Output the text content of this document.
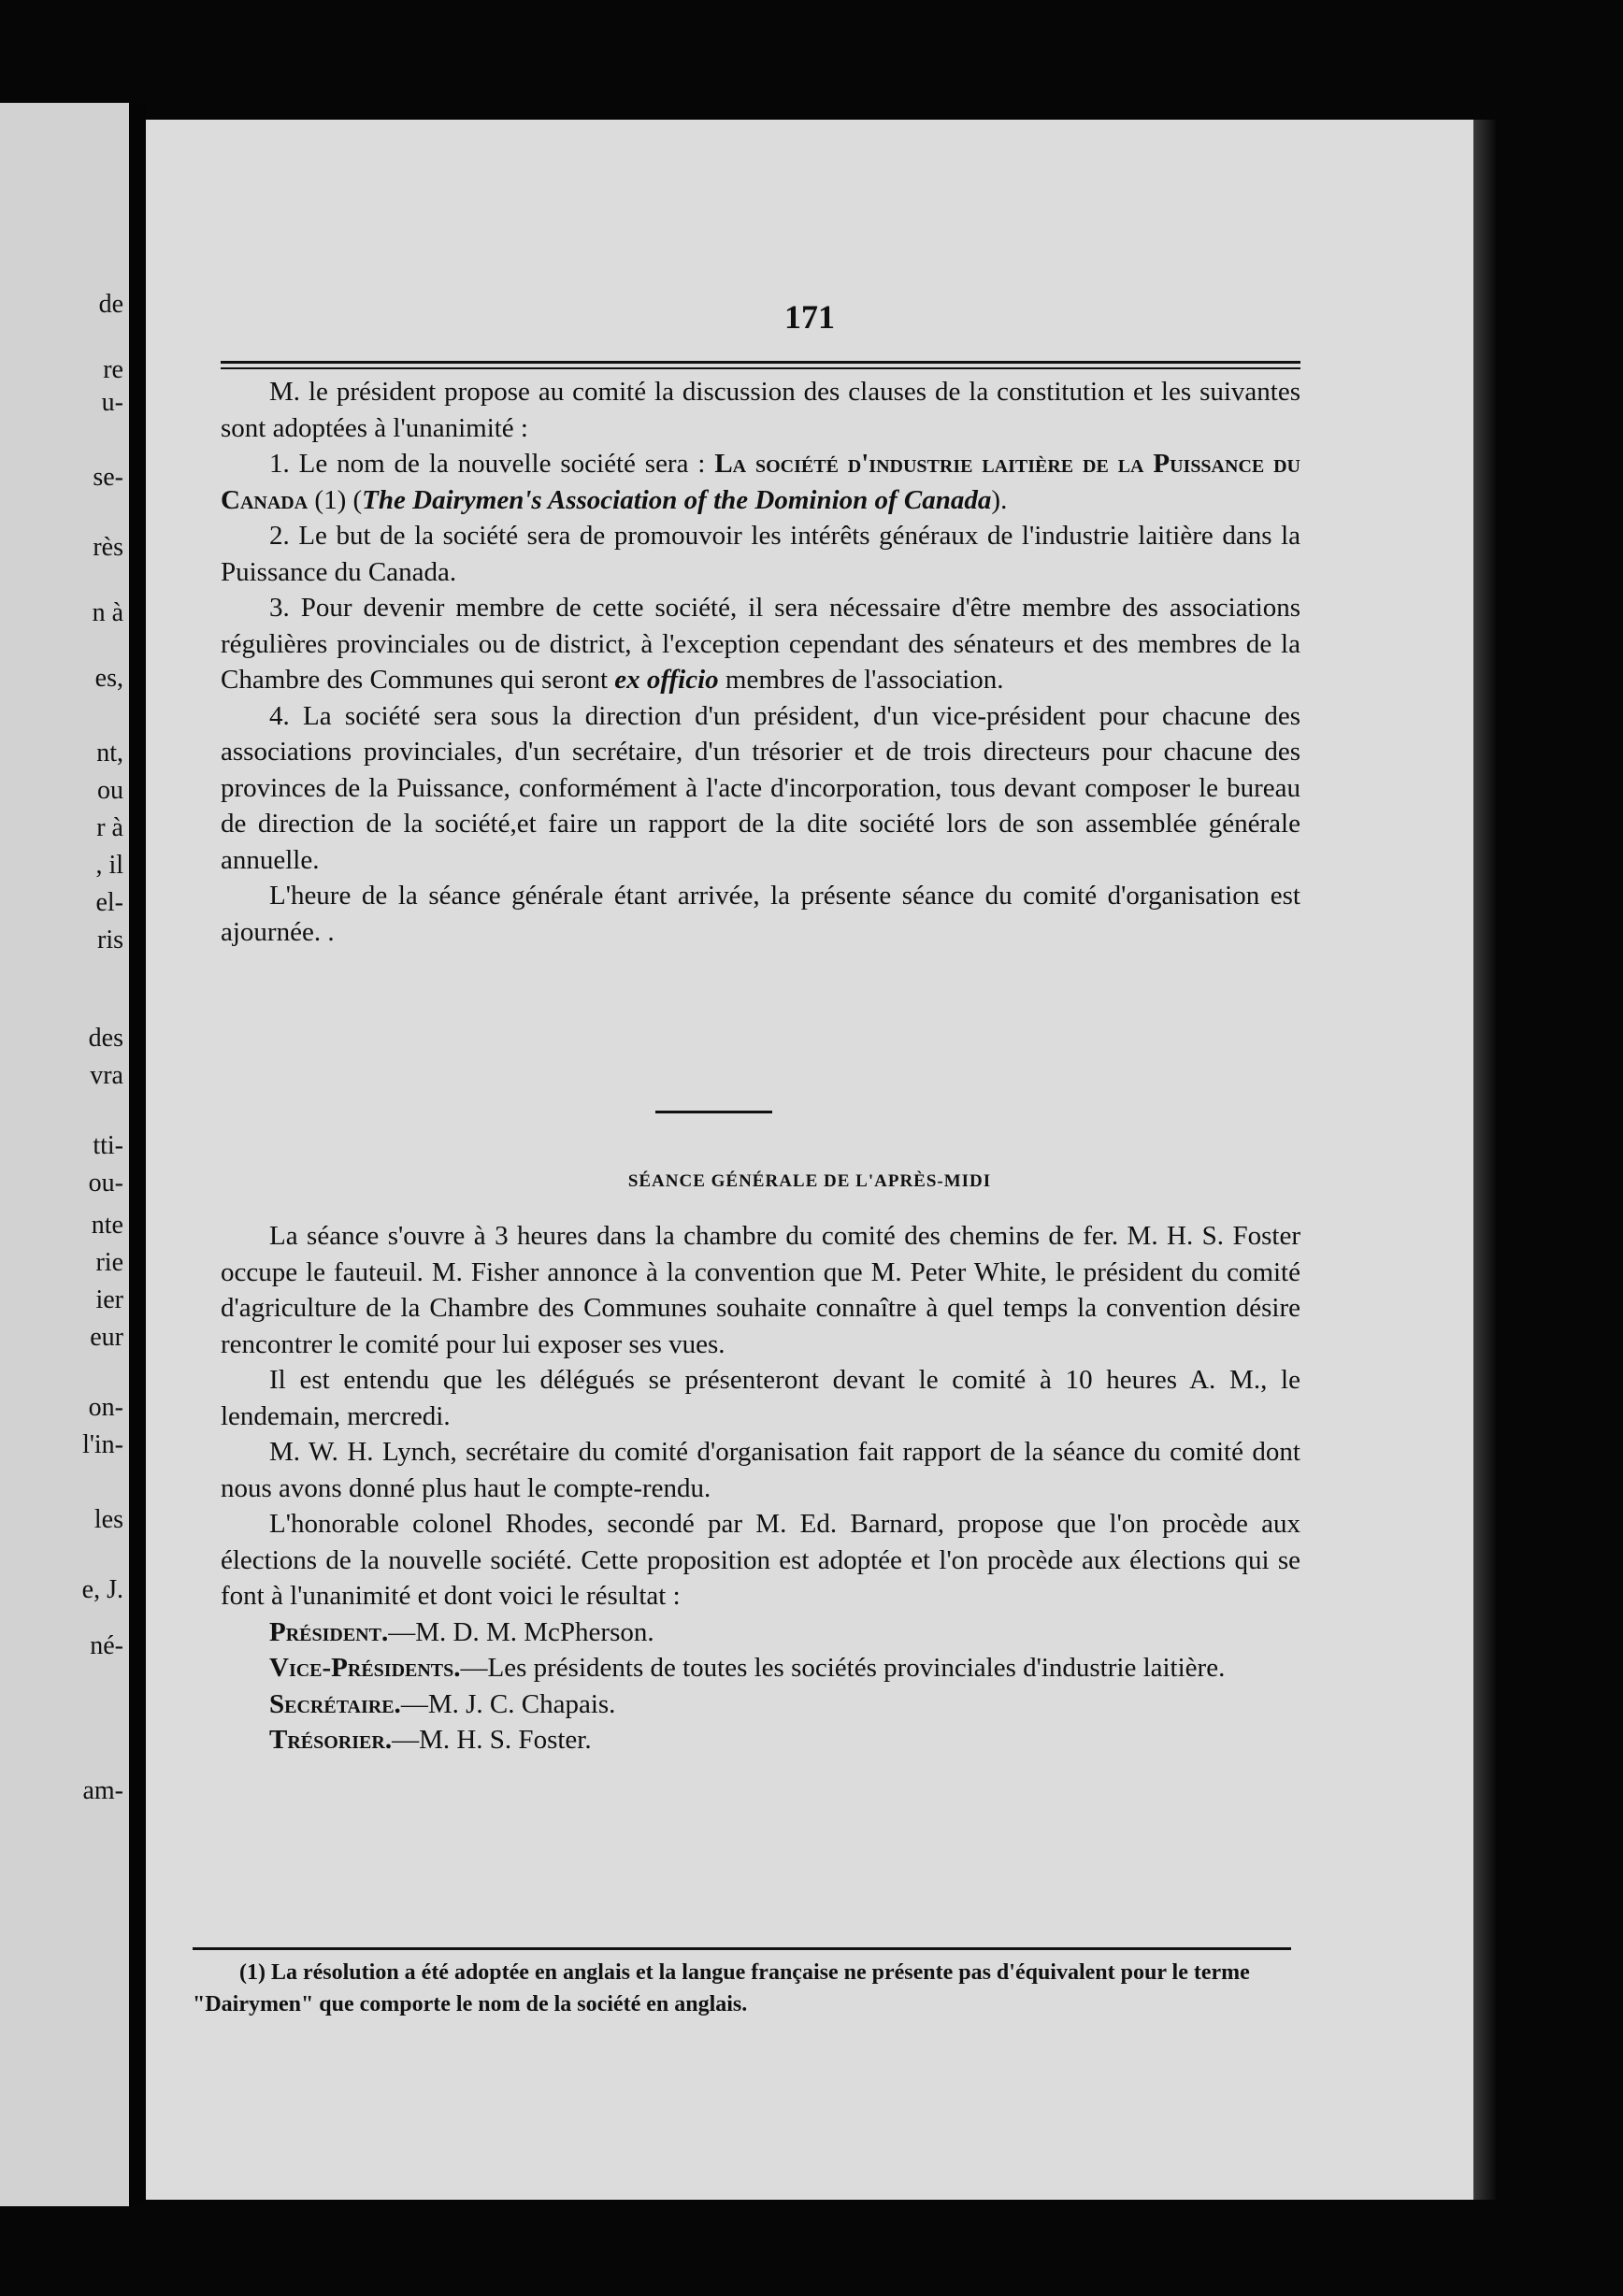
de
re
u-
se-
rès
n à
es,
nt,
ou
r à
, il
el-
ris
des
vra
tti-
ou-
nte
rie
ier
eur
on-
l'in-
les
e, J.
né-
am-
171

M. le président propose au comité la discussion des clauses de la constitution et les suivantes sont adoptées à l'unanimité :

1. Le nom de la nouvelle société sera : La société d'industrie laitière de la Puissance du Canada (1) (The Dairymen's Association of the Dominion of Canada).

2. Le but de la société sera de promouvoir les intérêts généraux de l'industrie laitière dans la Puissance du Canada.

3. Pour devenir membre de cette société, il sera nécessaire d'être membre des associations régulières provinciales ou de district, à l'exception cependant des sénateurs et des membres de la Chambre des Communes qui seront ex officio membres de l'association.

4. La société sera sous la direction d'un président, d'un vice-président pour chacune des associations provinciales, d'un secrétaire, d'un trésorier et de trois directeurs pour chacune des provinces de la Puissance, conformément à l'acte d'incorporation, tous devant composer le bureau de direction de la société,et faire un rapport de la dite société lors de son assemblée générale annuelle.

L'heure de la séance générale étant arrivée, la présente séance du comité d'organisation est ajournée. .

SÉANCE GÉNÉRALE DE L'APRÈS-MIDI

La séance s'ouvre à 3 heures dans la chambre du comité des chemins de fer. M. H. S. Foster occupe le fauteuil. M. Fisher annonce à la convention que M. Peter White, le président du comité d'agriculture de la Chambre des Communes souhaite connaître à quel temps la convention désire rencontrer le comité pour lui exposer ses vues.

Il est entendu que les délégués se présenteront devant le comité à 10 heures A. M., le lendemain, mercredi.

M. W. H. Lynch, secrétaire du comité d'organisation fait rapport de la séance du comité dont nous avons donné plus haut le compte-rendu.

L'honorable colonel Rhodes, secondé par M. Ed. Barnard, propose que l'on procède aux élections de la nouvelle société. Cette proposition est adoptée et l'on procède aux élections qui se font à l'unanimité et dont voici le résultat :

Président.—M. D. M. McPherson.

Vice-Présidents.—Les présidents de toutes les sociétés provinciales d'industrie laitière.

Secrétaire.—M. J. C. Chapais.

Trésorier.—M. H. S. Foster.

(1) La résolution a été adoptée en anglais et la langue française ne présente pas d'équivalent pour le terme "Dairymen" que comporte le nom de la société en anglais.
